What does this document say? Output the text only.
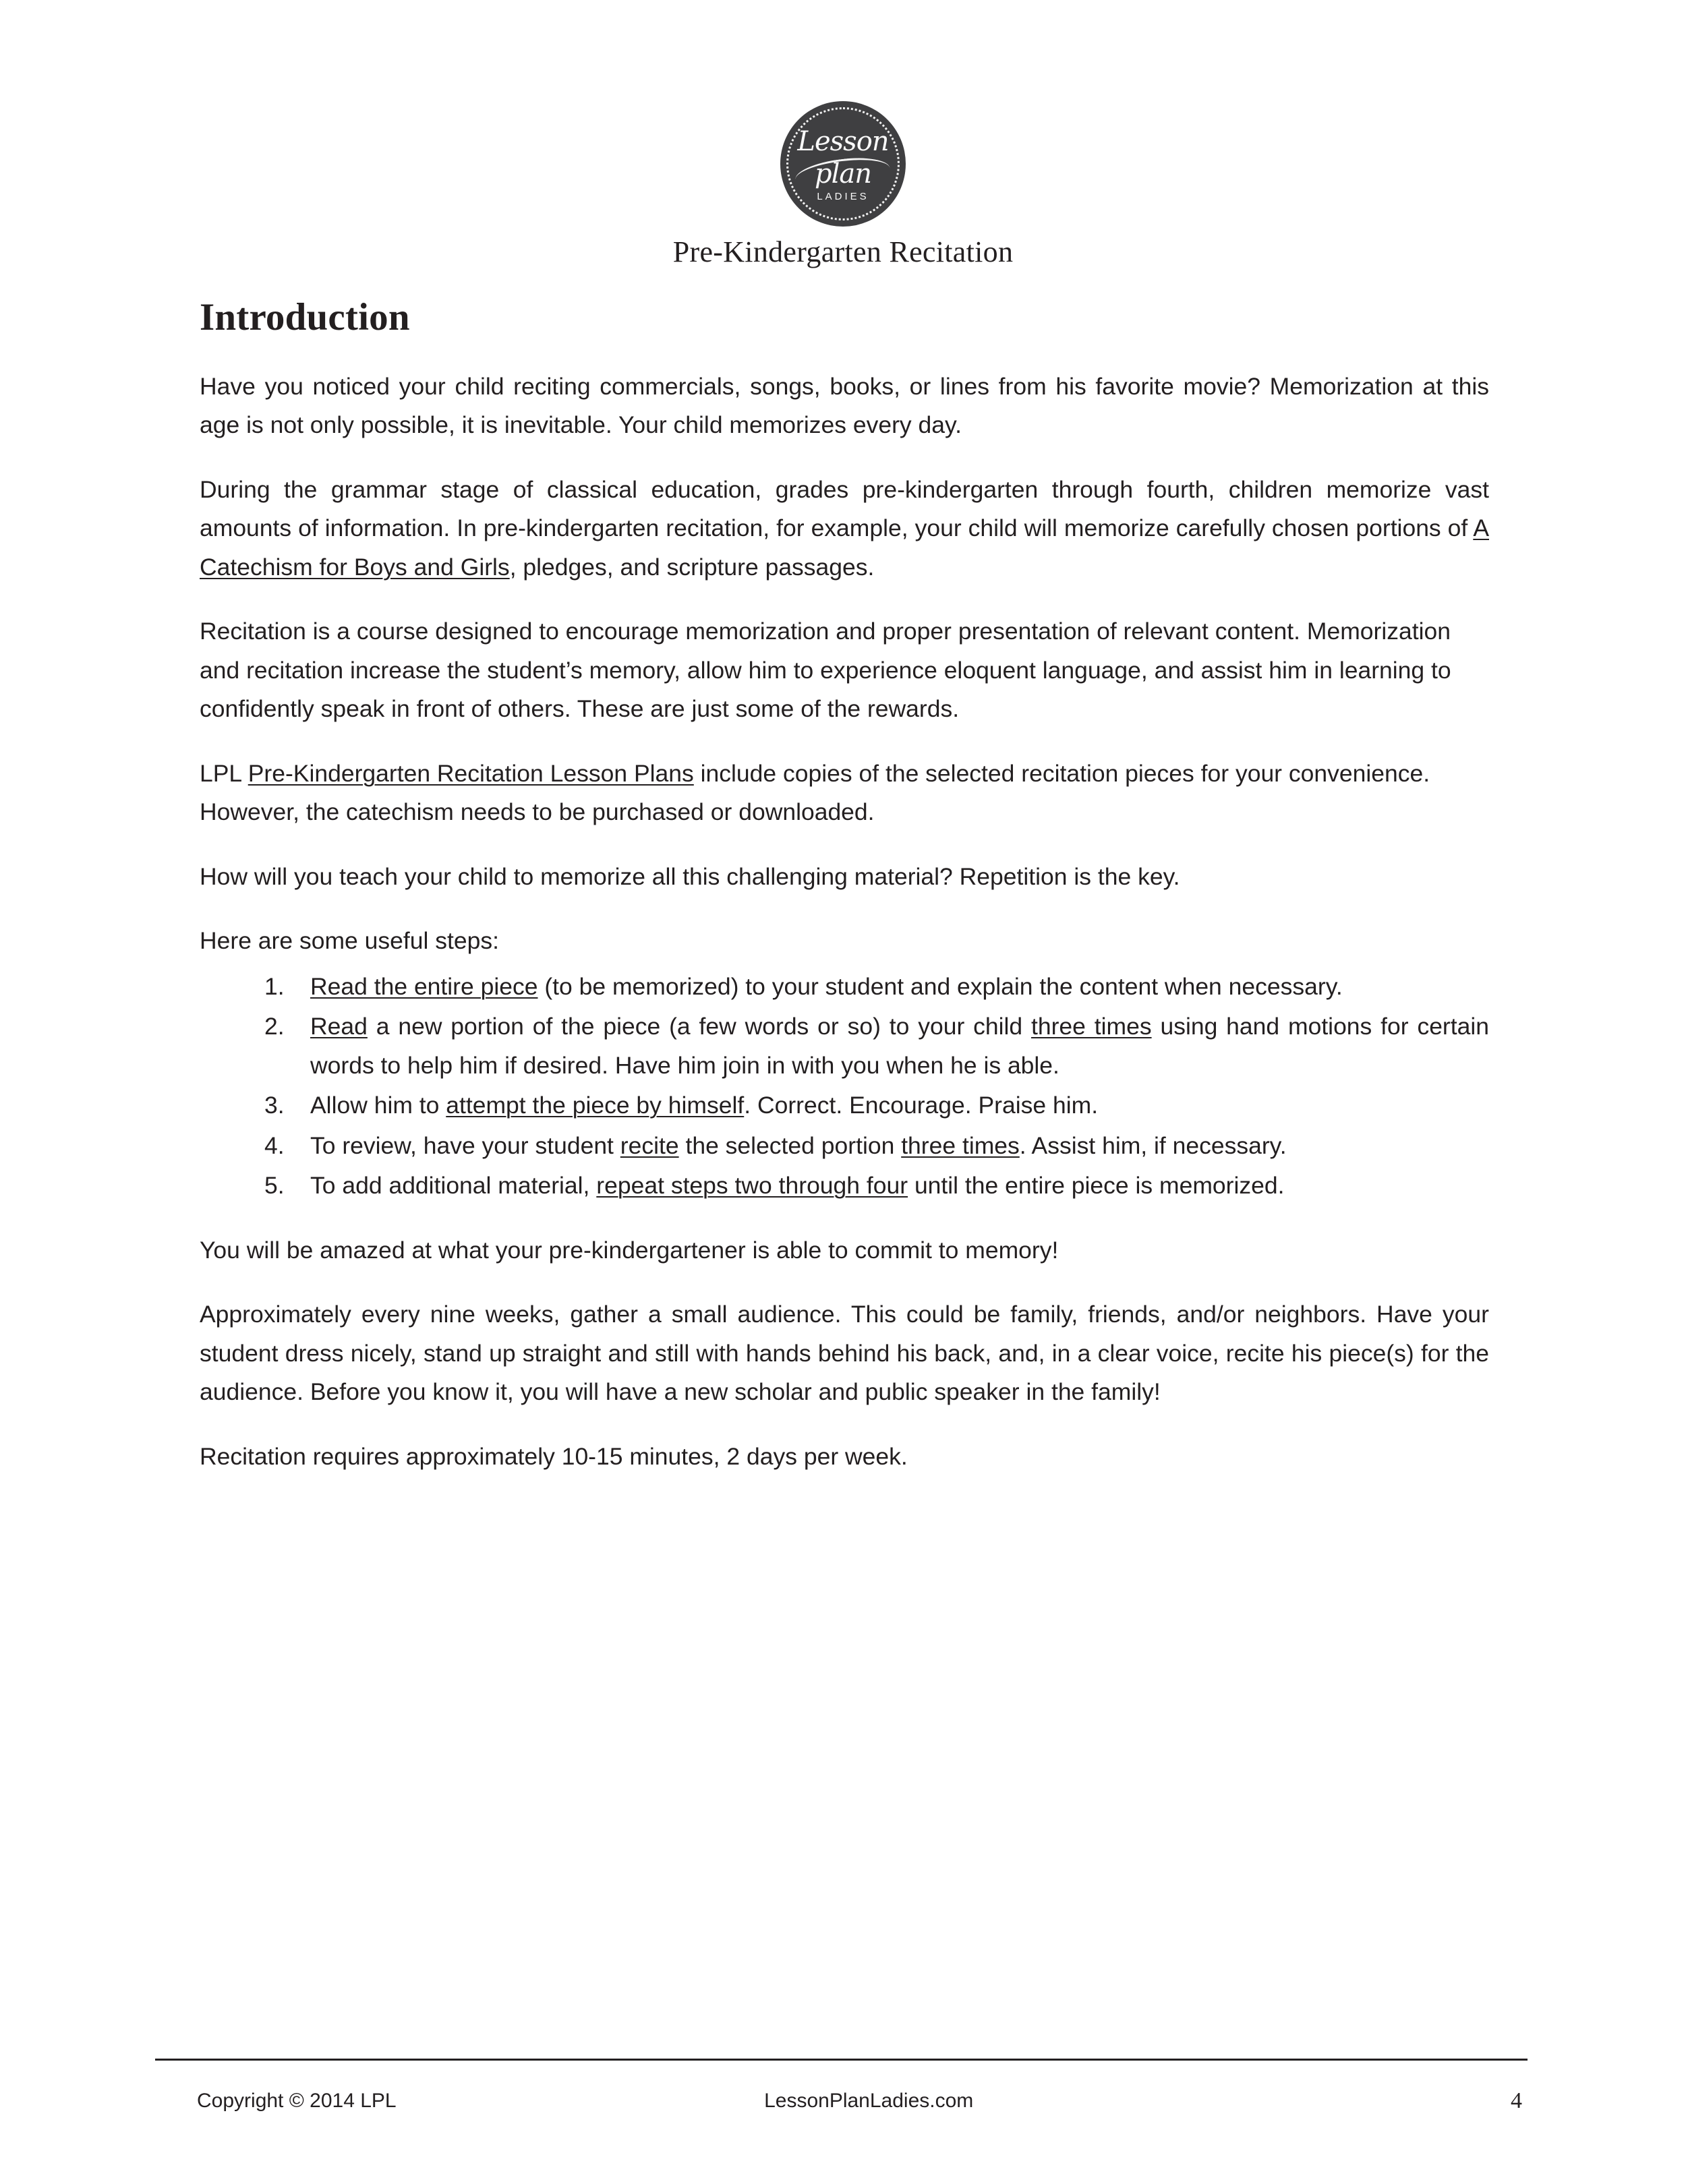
Lesson
plan
LADIES
Pre-Kindergarten Recitation
Introduction

Have you noticed your child reciting commercials, songs, books, or lines from his favorite movie? Memorization at this age is not only possible, it is inevitable. Your child memorizes every day.

During the grammar stage of classical education, grades pre-kindergarten through fourth, children memorize vast amounts of information. In pre-kindergarten recitation, for example, your child will memorize carefully chosen portions of A Catechism for Boys and Girls, pledges, and scripture passages.

Recitation is a course designed to encourage memorization and proper presentation of relevant content. Memorization and recitation increase the student’s memory, allow him to experience eloquent language, and assist him in learning to confidently speak in front of others. These are just some of the rewards.

LPL Pre-Kindergarten Recitation Lesson Plans include copies of the selected recitation pieces for your convenience. However, the catechism needs to be purchased or downloaded.

How will you teach your child to memorize all this challenging material? Repetition is the key.

Here are some useful steps:

Read the entire piece (to be memorized) to your student and explain the content when necessary.
Read a new portion of the piece (a few words or so) to your child three times using hand motions for certain words to help him if desired. Have him join in with you when he is able.
Allow him to attempt the piece by himself. Correct. Encourage. Praise him.
To review, have your student recite the selected portion three times. Assist him, if necessary.
To add additional material, repeat steps two through four until the entire piece is memorized.

You will be amazed at what your pre-kindergartener is able to commit to memory!

Approximately every nine weeks, gather a small audience. This could be family, friends, and/or neighbors. Have your student dress nicely, stand up straight and still with hands behind his back, and, in a clear voice, recite his piece(s) for the audience. Before you know it, you will have a new scholar and public speaker in the family!

Recitation requires approximately 10-15 minutes, 2 days per week.

Copyright © 2014 LPL	LessonPlanLadies.com	4
